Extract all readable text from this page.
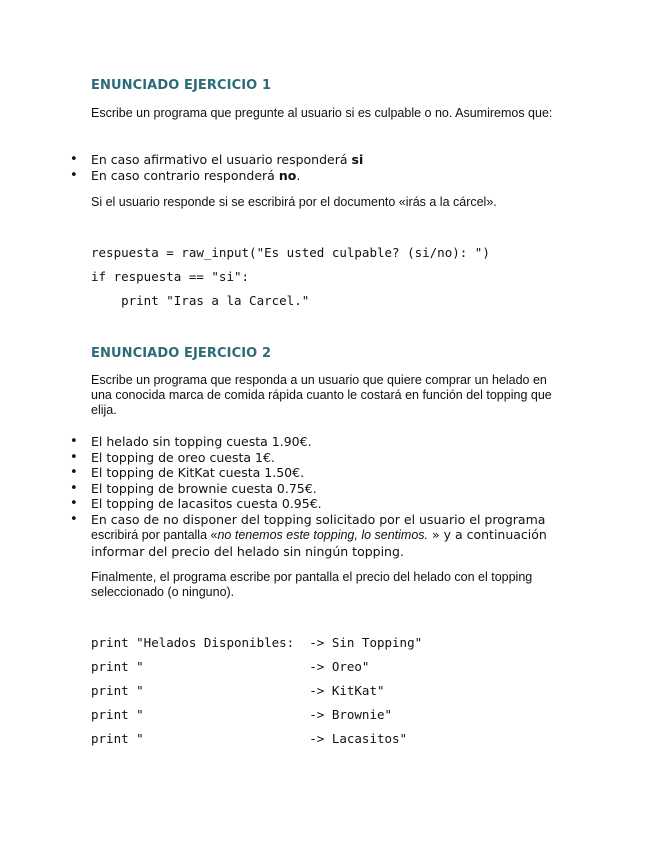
ENUNCIADO EJERCICIO 1
Escribe un programa que pregunte al usuario si es culpable o no. Asumiremos que:
• En caso afirmativo el usuario responderá si
• En caso contrario responderá no.
Si el usuario responde si se escribirá por el documento «irás a la cárcel».
respuesta = raw_input("Es usted culpable? (si/no): ")
if respuesta == "si":
print "Iras a la Carcel."
ENUNCIADO EJERCICIO 2
Escribe un programa que responda a un usuario que quiere comprar un helado en una conocida marca de comida rápida cuanto le costará en función del topping que elija.
• El helado sin topping cuesta 1.90€.
• El topping de oreo cuesta 1€.
• El topping de KitKat cuesta 1.50€.
• El topping de brownie cuesta 0.75€.
• El topping de lacasitos cuesta 0.95€.
• En caso de no disponer del topping solicitado por el usuario el programa escribirá por pantalla «no tenemos este topping, lo sentimos. » y a continuación informar del precio del helado sin ningún topping.
Finalmente, el programa escribe por pantalla el precio del helado con el topping seleccionado (o ninguno).
print "Helados Disponibles:  -> Sin Topping"
print "                      -> Oreo"
print "                      -> KitKat"
print "                      -> Brownie"
print "                      -> Lacasitos"
